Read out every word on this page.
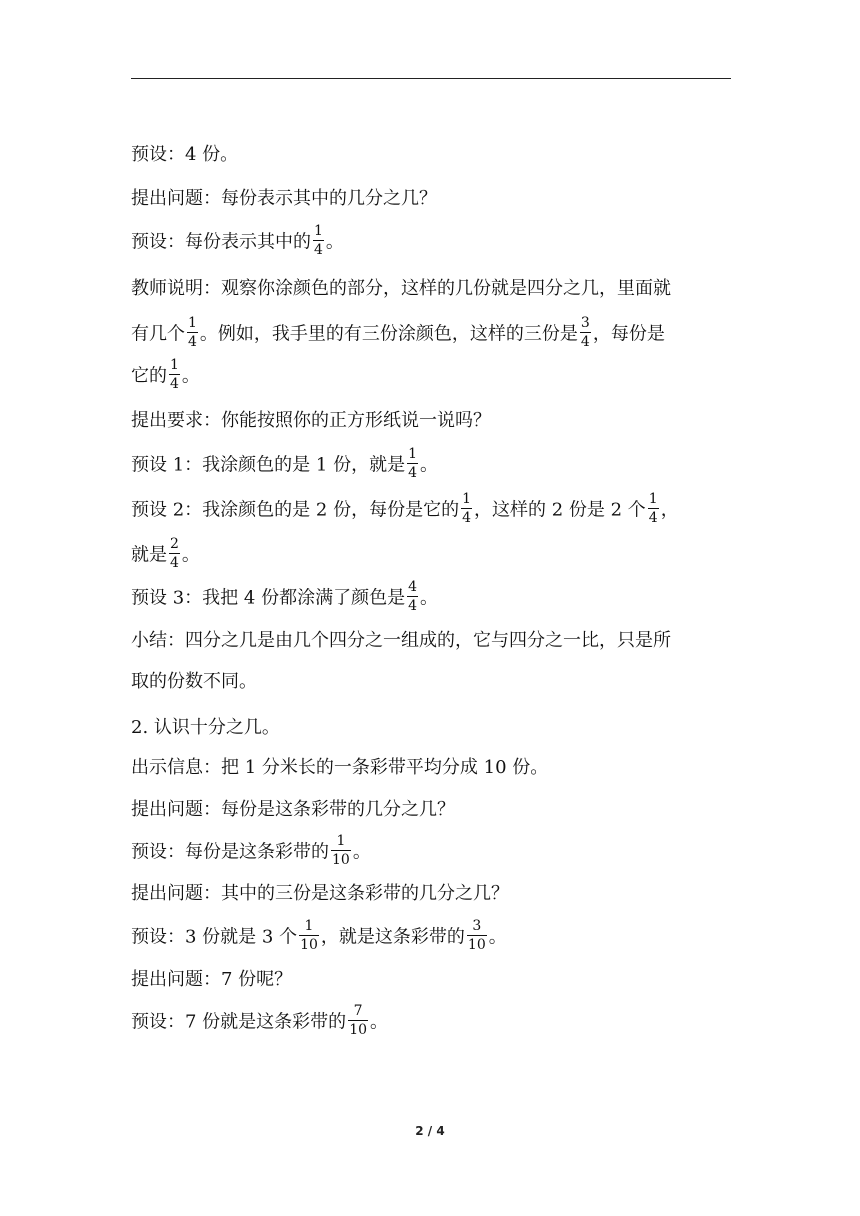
预设：4 份。

提出问题：每份表示其中的几分之几？

预设：每份表示其中的 $\frac{1}{4}$ 。

教师说明：观察你涂颜色的部分，这样的几份就是四分之几，里面就

有几个 $\frac{1}{4}$ 。例如，我手里的有三份涂颜色，这样的三份是 $\frac{3}{4}$ ，每份是

它的 $\frac{1}{4}$ 。

提出要求：你能按照你的正方形纸说一说吗？

预设 1：我涂颜色的是 1 份，就是 $\frac{1}{4}$ 。

预设 2：我涂颜色的是 2 份，每份是它的 $\frac{1}{4}$ ，这样的 2 份是 2 个 $\frac{1}{4}$ ，

就是 $\frac{2}{4}$ 。

预设 3：我把 4 份都涂满了颜色是 $\frac{4}{4}$ 。

小结：四分之几是由几个四分之一组成的，它与四分之一比，只是所

取的份数不同。

2. 认识十分之几。

出示信息：把 1 分米长的一条彩带平均分成 10 份。

提出问题：每份是这条彩带的几分之几？

预设：每份是这条彩带的 $\frac{1}{10}$ 。

提出问题：其中的三份是这条彩带的几分之几？

预设：3 份就是 3 个 $\frac{1}{10}$ ，就是这条彩带的 $\frac{3}{10}$ 。

提出问题：7 份呢？

预设：7 份就是这条彩带的 $\frac{7}{10}$ 。

2 / 4
